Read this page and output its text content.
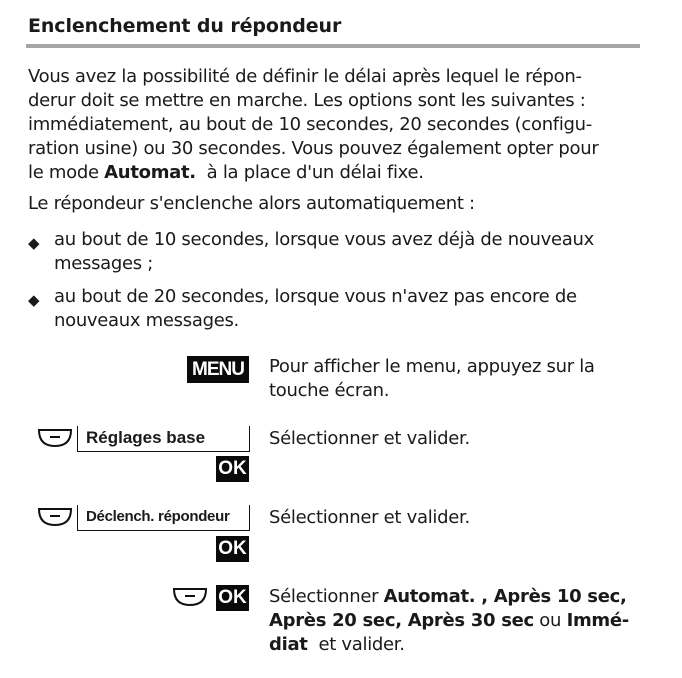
Enclenchement du répondeur
Vous avez la possibilité de définir le délai après lequel le répon-
derur doit se mettre en marche. Les options sont les suivantes :
immédiatement, au bout de 10 secondes, 20 secondes (configu-
ration usine) ou 30 secondes. Vous pouvez également opter pour
le mode Automat.  à la place d'un délai fixe.
Le répondeur s'enclenche alors automatiquement :
◆ au bout de 10 secondes, lorsque vous avez déjà de nouveaux
messages ;
◆ au bout de 20 secondes, lorsque vous n'avez pas encore de
nouveaux messages.
MENU Pour afficher le menu, appuyez sur la
touche écran.
Réglages base
OK
Sélectionner et valider.
Déclench. répondeur
OK
Sélectionner et valider.
OK Sélectionner Automat. , Après 10 sec,
Après 20 sec, Après 30 sec ou Immé-
diat  et valider.
